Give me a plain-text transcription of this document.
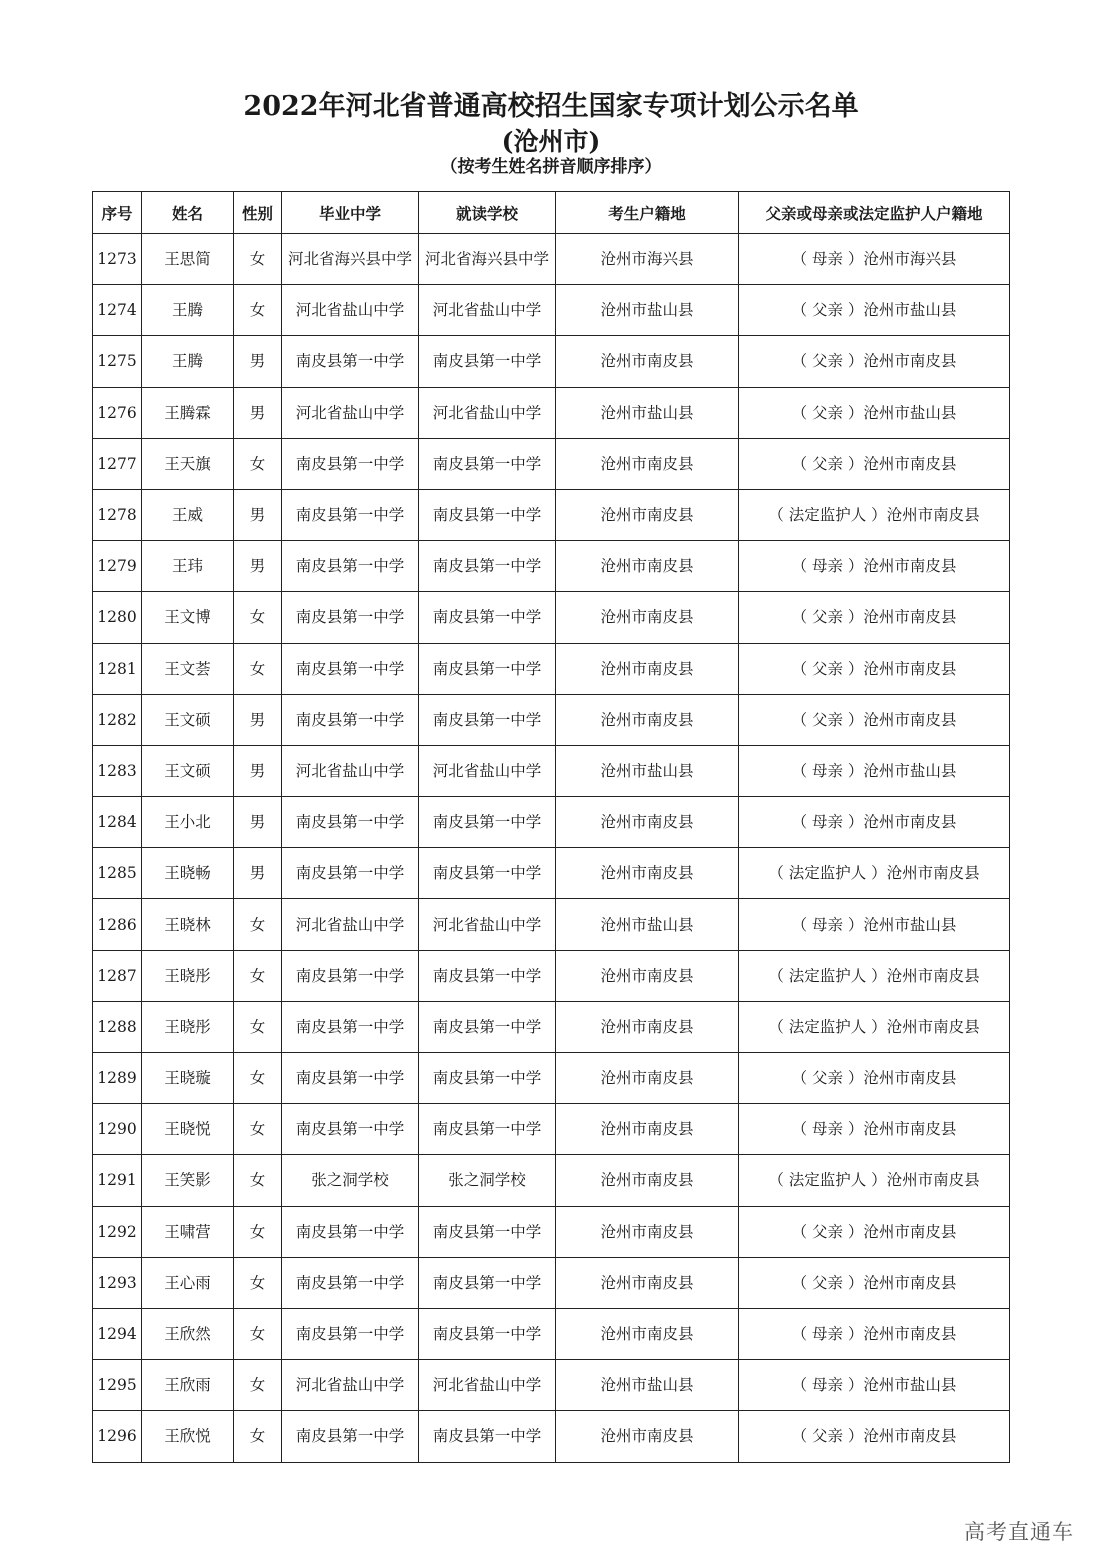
2022年河北省普通高校招生国家专项计划公示名单
(沧州市)
（按考生姓名拼音顺序排序）
序号	姓名	性别	毕业中学	就读学校	考生户籍地	父亲或母亲或法定监护人户籍地
1273	王思简	女	河北省海兴县中学	河北省海兴县中学	沧州市海兴县	（ 母亲 ）沧州市海兴县
1274	王腾	女	河北省盐山中学	河北省盐山中学	沧州市盐山县	（ 父亲 ）沧州市盐山县
1275	王腾	男	南皮县第一中学	南皮县第一中学	沧州市南皮县	（ 父亲 ）沧州市南皮县
1276	王腾霖	男	河北省盐山中学	河北省盐山中学	沧州市盐山县	（ 父亲 ）沧州市盐山县
1277	王天旗	女	南皮县第一中学	南皮县第一中学	沧州市南皮县	（ 父亲 ）沧州市南皮县
1278	王威	男	南皮县第一中学	南皮县第一中学	沧州市南皮县	（ 法定监护人 ）沧州市南皮县
1279	王玮	男	南皮县第一中学	南皮县第一中学	沧州市南皮县	（ 母亲 ）沧州市南皮县
1280	王文博	女	南皮县第一中学	南皮县第一中学	沧州市南皮县	（ 父亲 ）沧州市南皮县
1281	王文荟	女	南皮县第一中学	南皮县第一中学	沧州市南皮县	（ 父亲 ）沧州市南皮县
1282	王文硕	男	南皮县第一中学	南皮县第一中学	沧州市南皮县	（ 父亲 ）沧州市南皮县
1283	王文硕	男	河北省盐山中学	河北省盐山中学	沧州市盐山县	（ 母亲 ）沧州市盐山县
1284	王小北	男	南皮县第一中学	南皮县第一中学	沧州市南皮县	（ 母亲 ）沧州市南皮县
1285	王晓畅	男	南皮县第一中学	南皮县第一中学	沧州市南皮县	（ 法定监护人 ）沧州市南皮县
1286	王晓林	女	河北省盐山中学	河北省盐山中学	沧州市盐山县	（ 母亲 ）沧州市盐山县
1287	王晓彤	女	南皮县第一中学	南皮县第一中学	沧州市南皮县	（ 法定监护人 ）沧州市南皮县
1288	王晓彤	女	南皮县第一中学	南皮县第一中学	沧州市南皮县	（ 法定监护人 ）沧州市南皮县
1289	王晓璇	女	南皮县第一中学	南皮县第一中学	沧州市南皮县	（ 父亲 ）沧州市南皮县
1290	王晓悦	女	南皮县第一中学	南皮县第一中学	沧州市南皮县	（ 母亲 ）沧州市南皮县
1291	王笑影	女	张之洞学校	张之洞学校	沧州市南皮县	（ 法定监护人 ）沧州市南皮县
1292	王啸营	女	南皮县第一中学	南皮县第一中学	沧州市南皮县	（ 父亲 ）沧州市南皮县
1293	王心雨	女	南皮县第一中学	南皮县第一中学	沧州市南皮县	（ 父亲 ）沧州市南皮县
1294	王欣然	女	南皮县第一中学	南皮县第一中学	沧州市南皮县	（ 母亲 ）沧州市南皮县
1295	王欣雨	女	河北省盐山中学	河北省盐山中学	沧州市盐山县	（ 母亲 ）沧州市盐山县
1296	王欣悦	女	南皮县第一中学	南皮县第一中学	沧州市南皮县	（ 父亲 ）沧州市南皮县
高考直通车
